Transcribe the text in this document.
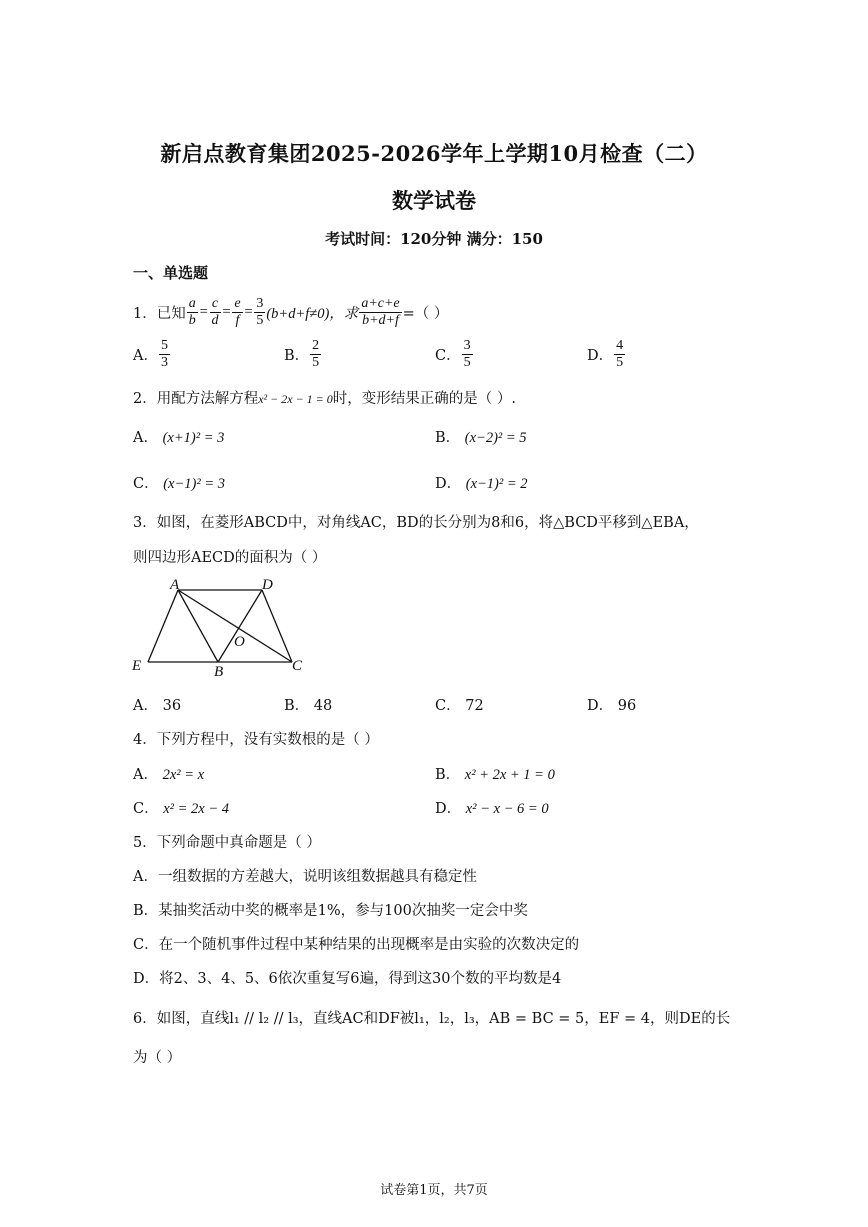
新启点教育集团2025-2026学年上学期10月检查（二）
数学试卷
考试时间：120分钟 满分：150
一、单选题
1．已知 $\frac{a}{b} = \frac{c}{d} = \frac{e}{f} = \frac{3}{5} (b+d+f\ne 0)$，求 $\frac{a+c+e}{b+d+f}$ =（ ）
A． $\frac{5}{3}$	B． $\frac{2}{5}$	C． $\frac{3}{5}$	D． $\frac{4}{5}$
2．用配方法解方程x² − 2x − 1 = 0时，变形结果正确的是（ ）.
A． (x+1)² = 3	B． (x−2)² = 5
C． (x−1)² = 3	D． (x−1)² = 2
3．如图，在菱形ABCD中，对角线AC，BD的长分别为8和6，将△BCD平移到△EBA，
则四边形AECD的面积为（ ）
A	D
O
E	B	C
A． 36	B． 48	C． 72	D． 96
4．下列方程中，没有实数根的是（ ）
A． 2x² = x	B． x² + 2x + 1 = 0
C． x² = 2x − 4	D． x² − x − 6 = 0
5．下列命题中真命题是（ ）
A．一组数据的方差越大，说明该组数据越具有稳定性
B．某抽奖活动中奖的概率是1%，参与100次抽奖一定会中奖
C．在一个随机事件过程中某种结果的出现概率是由实验的次数决定的
D．将2、3、4、5、6依次重复写6遍，得到这30个数的平均数是4
6．如图，直线l₁ // l₂ // l₃，直线AC和DF被l₁，l₂，l₃，AB = BC = 5，EF = 4，则DE的长
为（ ）
试卷第1页，共7页
